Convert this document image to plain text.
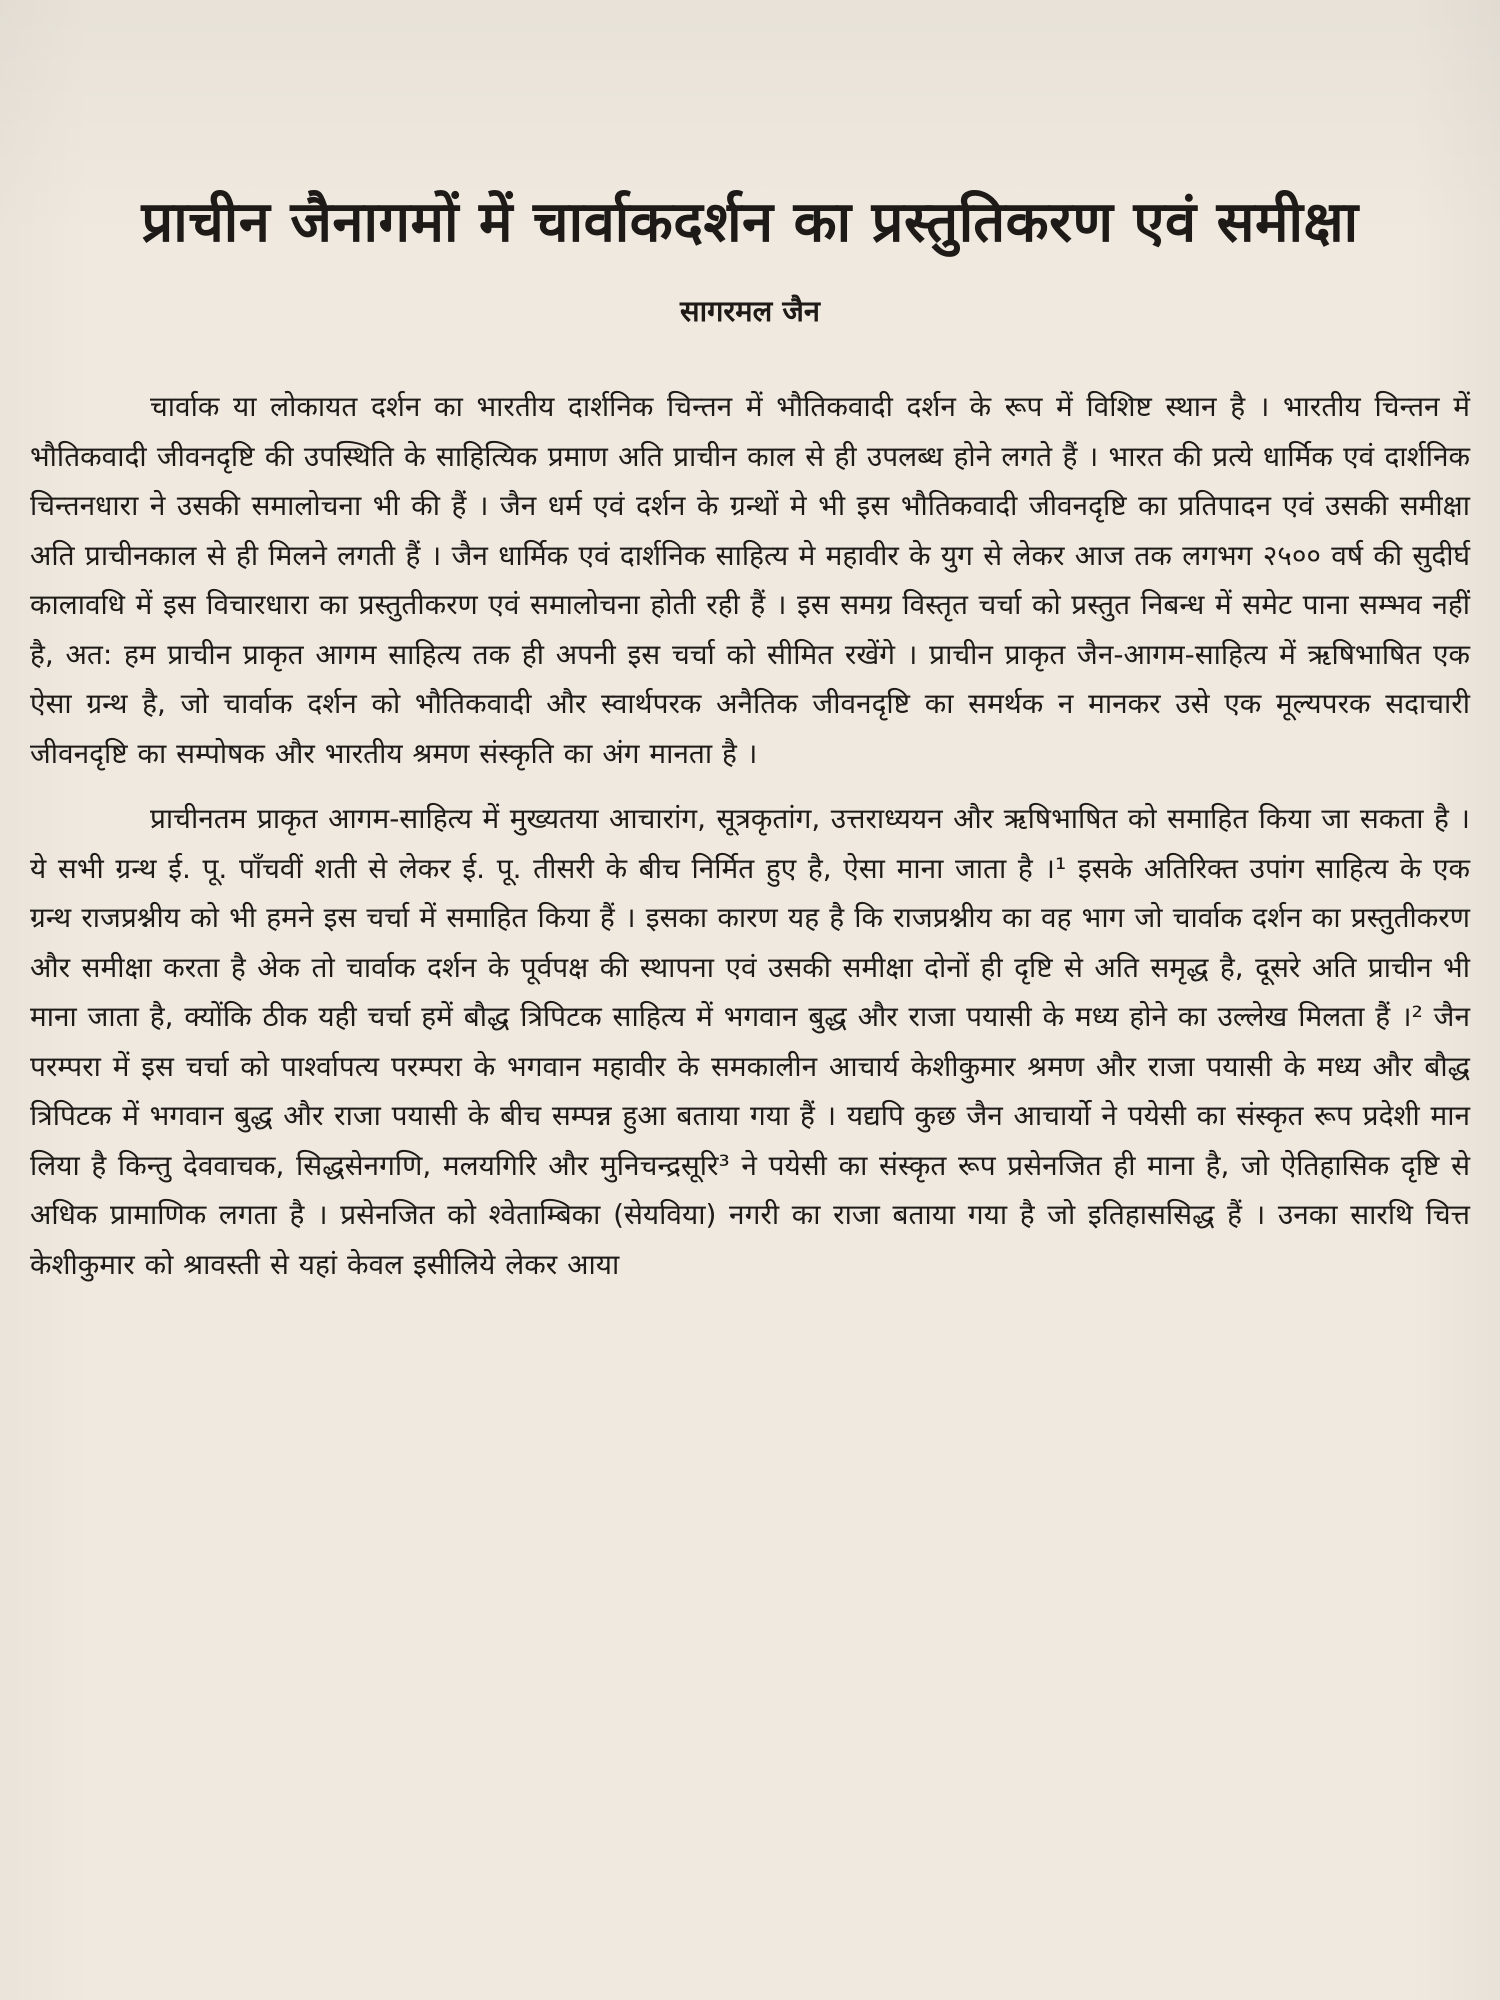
प्राचीन जैनागमों में चार्वाकदर्शन का प्रस्तुतिकरण एवं समीक्षा
सागरमल जैन

चार्वाक या लोकायत दर्शन का भारतीय दार्शनिक चिन्तन में भौतिकवादी दर्शन के रूप में विशिष्ट स्थान है । भारतीय चिन्तन में भौतिकवादी जीवनदृष्टि की उपस्थिति के साहित्यिक प्रमाण अति प्राचीन काल से ही उपलब्ध होने लगते हैं । भारत की प्रत्ये धार्मिक एवं दार्शनिक चिन्तनधारा ने उसकी समालोचना भी की हैं । जैन धर्म एवं दर्शन के ग्रन्थों मे भी इस भौतिकवादी जीवनदृष्टि का प्रतिपादन एवं उसकी समीक्षा अति प्राचीनकाल से ही मिलने लगती हैं । जैन धार्मिक एवं दार्शनिक साहित्य मे महावीर के युग से लेकर आज तक लगभग २५०० वर्ष की सुदीर्घ कालावधि में इस विचारधारा का प्रस्तुतीकरण एवं समालोचना होती रही हैं । इस समग्र विस्तृत चर्चा को प्रस्तुत निबन्ध में समेट पाना सम्भव नहीं है, अत: हम प्राचीन प्राकृत आगम साहित्य तक ही अपनी इस चर्चा को सीमित रखेंगे । प्राचीन प्राकृत जैन-आगम-साहित्य में ऋषिभाषित एक ऐसा ग्रन्थ है, जो चार्वाक दर्शन को भौतिकवादी और स्वार्थपरक अनैतिक जीवनदृष्टि का समर्थक न मानकर उसे एक मूल्यपरक सदाचारी जीवनदृष्टि का सम्पोषक और भारतीय श्रमण संस्कृति का अंग मानता है ।

प्राचीनतम प्राकृत आगम-साहित्य में मुख्यतया आचारांग, सूत्रकृतांग, उत्तराध्ययन और ऋषिभाषित को समाहित किया जा सकता है । ये सभी ग्रन्थ ई. पू. पाँचवीं शती से लेकर ई. पू. तीसरी के बीच निर्मित हुए है, ऐसा माना जाता है ।¹ इसके अतिरिक्त उपांग साहित्य के एक ग्रन्थ राजप्रश्नीय को भी हमने इस चर्चा में समाहित किया हैं । इसका कारण यह है कि राजप्रश्नीय का वह भाग जो चार्वाक दर्शन का प्रस्तुतीकरण और समीक्षा करता है अेक तो चार्वाक दर्शन के पूर्वपक्ष की स्थापना एवं उसकी समीक्षा दोनों ही दृष्टि से अति समृद्ध है, दूसरे अति प्राचीन भी माना जाता है, क्योंकि ठीक यही चर्चा हमें बौद्ध त्रिपिटक साहित्य में भगवान बुद्ध और राजा पयासी के मध्य होने का उल्लेख मिलता हैं ।² जैन परम्परा में इस चर्चा को पार्श्वापत्य परम्परा के भगवान महावीर के समकालीन आचार्य केशीकुमार श्रमण और राजा पयासी के मध्य और बौद्ध त्रिपिटक में भगवान बुद्ध और राजा पयासी के बीच सम्पन्न हुआ बताया गया हैं । यद्यपि कुछ जैन आचार्यो ने पयेसी का संस्कृत रूप प्रदेशी मान लिया है किन्तु देववाचक, सिद्धसेनगणि, मलयगिरि और मुनिचन्द्रसूरि³ ने पयेसी का संस्कृत रूप प्रसेनजित ही माना है, जो ऐतिहासिक दृष्टि से अधिक प्रामाणिक लगता है । प्रसेनजित को श्वेताम्बिका (सेयविया) नगरी का राजा बताया गया है जो इतिहाससिद्ध हैं । उनका सारथि चित्त केशीकुमार को श्रावस्ती से यहां केवल इसीलिये लेकर आया
